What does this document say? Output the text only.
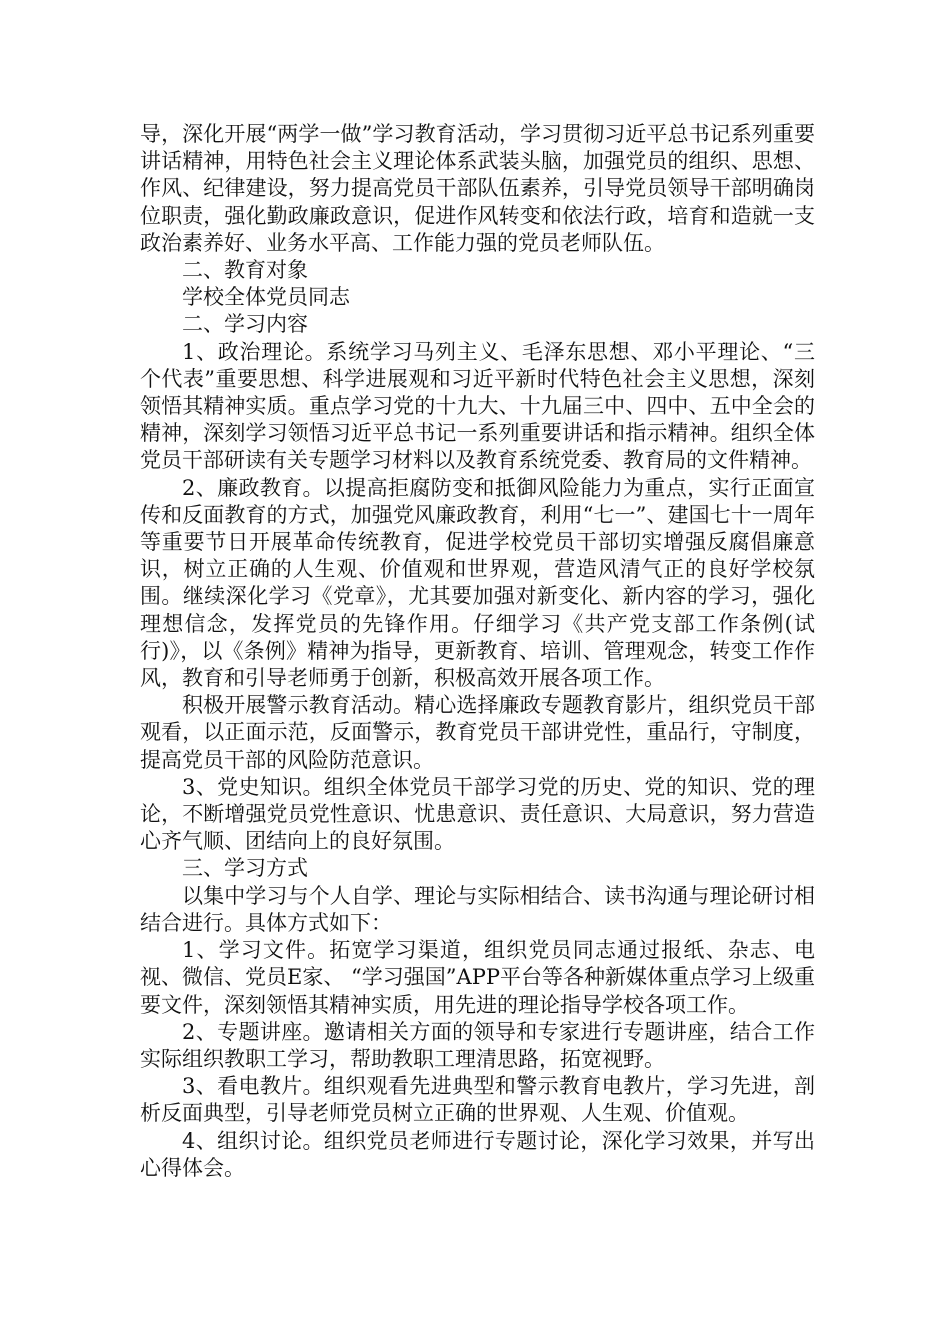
导，深化开展“两学一做”学习教育活动，学习贯彻习近平总书记系列重要讲话精神，用特色社会主义理论体系武装头脑，加强党员的组织、思想、作风、纪律建设，努力提高党员干部队伍素养，引导党员领导干部明确岗位职责，强化勤政廉政意识，促进作风转变和依法行政，培育和造就一支政治素养好、业务水平高、工作能力强的党员老师队伍。

二、教育对象

学校全体党员同志

二、学习内容

1、政治理论。系统学习马列主义、毛泽东思想、邓小平理论、“三个代表”重要思想、科学进展观和习近平新时代特色社会主义思想，深刻领悟其精神实质。重点学习党的十九大、十九届三中、四中、五中全会的精神，深刻学习领悟习近平总书记一系列重要讲话和指示精神。组织全体党员干部研读有关专题学习材料以及教育系统党委、教育局的文件精神。

2、廉政教育。以提高拒腐防变和抵御风险能力为重点，实行正面宣传和反面教育的方式，加强党风廉政教育，利用“七一”、建国七十一周年等重要节日开展革命传统教育，促进学校党员干部切实增强反腐倡廉意识，树立正确的人生观、价值观和世界观，营造风清气正的良好学校氛围。继续深化学习《党章》，尤其要加强对新变化、新内容的学习，强化理想信念，发挥党员的先锋作用。仔细学习《共产党支部工作条例(试行)》，以《条例》精神为指导，更新教育、培训、管理观念，转变工作作风，教育和引导老师勇于创新，积极高效开展各项工作。

积极开展警示教育活动。精心选择廉政专题教育影片，组织党员干部观看，以正面示范，反面警示，教育党员干部讲党性，重品行，守制度，提高党员干部的风险防范意识。

3、党史知识。组织全体党员干部学习党的历史、党的知识、党的理论，不断增强党员党性意识、忧患意识、责任意识、大局意识，努力营造心齐气顺、团结向上的良好氛围。

三、学习方式

以集中学习与个人自学、理论与实际相结合、读书沟通与理论研讨相结合进行。具体方式如下：

1、学习文件。拓宽学习渠道，组织党员同志通过报纸、杂志、电视、微信、党员E家、 “学习强国”APP平台等各种新媒体重点学习上级重要文件，深刻领悟其精神实质，用先进的理论指导学校各项工作。

2、专题讲座。邀请相关方面的领导和专家进行专题讲座，结合工作实际组织教职工学习，帮助教职工理清思路，拓宽视野。

3、看电教片。组织观看先进典型和警示教育电教片，学习先进，剖析反面典型，引导老师党员树立正确的世界观、人生观、价值观。

4、组织讨论。组织党员老师进行专题讨论，深化学习效果，并写出心得体会。
